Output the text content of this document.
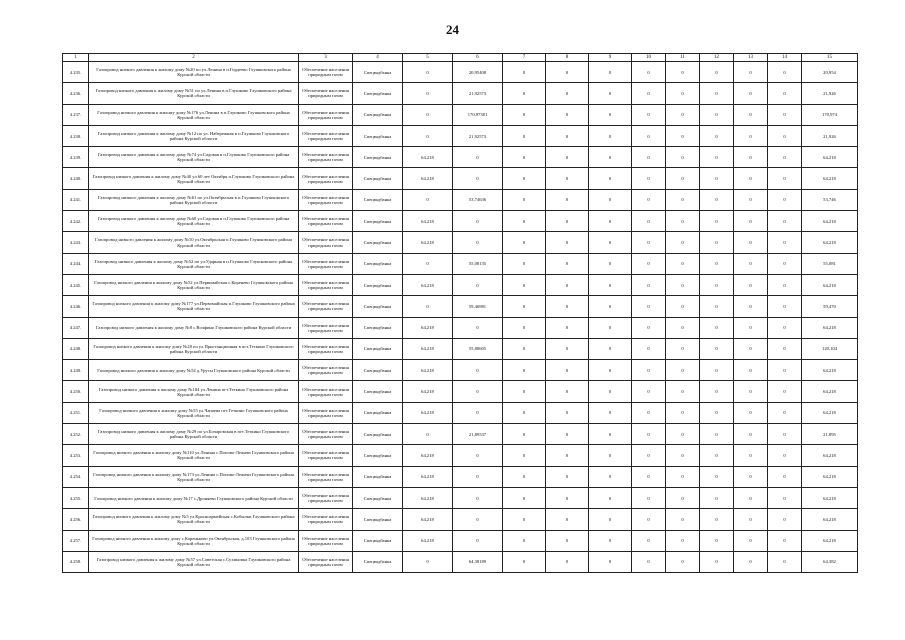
24
1	2	3	4	5	6	7	8	9	10	11	12	13	14	15
4.235.	Газопровод низкого давления к жилому дому №20 по ул.Ленина в п.Гордеево Глушковского района Курской области	Обеспечение населения природным газом	Спецвадбанка	0	20,95408	0	0	0	0	0	0	0	0	20,954
4.236.	Газопровод низкого давления к жилому дому №51 по ул.Ленина в п.Глушково Глушковского района Курской области	Обеспечение населения природным газом	Спецвадбанка	0	21,92573	0	0	0	0	0	0	0	0	21,926
4.237.	Газопровод низкого давления к жилому дому №176 ул.Ленина в п.Глушково Глушковского района Курской области	Обеспечение населения природным газом	Спецвадбанка	0	170,97381	0	0	0	0	0	0	0	0	170,974
4.238.	Газопровод низкого давления к жилому дому №12 по ул. Набережная в п.Глушково Глушковского района Курской области	Обеспечение населения природным газом	Спецвадбанка	0	21,92573	0	0	0	0	0	0	0	0	21,926
4.239.	Газопровод низкого давления к жилому дому №74 ул.Садовая в п.Глушково Глушковского района Курской области	Обеспечение населения природным газом	Спецвадбанка	64,218	0	0	0	0	0	0	0	0	0	64,218
4.240.	Газопровод низкого давления к жилому дому №40 ул.60 лет Октября п.Глушково Глушковского района Курской области	Обеспечение населения природным газом	Спецвадбанка	64,218	0	0	0	0	0	0	0	0	0	64,218
4.241.	Газопровод низкого давления к жилому дому №61 по ул.Октябрьская в п.Глушково Глушковского района Курской области	Обеспечение населения природным газом	Спецвадбанка	0	53,74636	0	0	0	0	0	0	0	0	53,746
4.242.	Газопровод низкого давления к жилому дому №60 ул.Садовая в п.Глушково Глушковского района Курской области	Обеспечение населения природным газом	Спецвадбанка	64,218	0	0	0	0	0	0	0	0	0	64,218
4.243.	Газопровод низкого давления к жилому дому №10 ул.Октябрьская п.Глушково Глушковского района Курской области	Обеспечение населения природным газом	Спецвадбанка	64,218	0	0	0	0	0	0	0	0	0	64,218
4.244.	Газопровод низкого давления к жилому дому №52 по ул.Ударная в п.Глушково Глушковского района Курской области	Обеспечение населения природным газом	Спецвадбанка	0	55,08135	0	0	0	0	0	0	0	0	55,081
4.245.	Газопровод низкого давления к жилому дому №52 ул.Первомайская с.Коренево Глушковского района Курской области	Обеспечение населения природным газом	Спецвадбанка	64,218	0	0	0	0	0	0	0	0	0	64,218
4.246.	Газопровод низкого давления к жилому дому №177 ул.Первомайская п.Глушково Глушковского района Курской области	Обеспечение населения природным газом	Спецвадбанка	0	59,46981	0	0	0	0	0	0	0	0	59,470
4.247.	Газопровод низкого давления к жилому дому №8 с.Волфино Глушковского района Курской области	Обеспечение населения природным газом	Спецвадбанка	64,218	0	0	0	0	0	0	0	0	0	64,218
4.248.	Газопровод низкого давления к жилому дому №28 по ул.Пристанционная в пгт.Теткино Глушковского района Курской области	Обеспечение населения природным газом	Спецвадбанка	64,218	55,88605	0	0	0	0	0	0	0	0	120,104
4.249.	Газопровод низкого давления к жилому дому №54 д.Урусы Глушковского района Курской области	Обеспечение населения природным газом	Спецвадбанка	64,218	0	0	0	0	0	0	0	0	0	64,218
4.250.	Газопровод низкого давления к жилому дому №104 ул.Ленина пгт.Теткино Глушковского района Курской области	Обеспечение населения природным газом	Спецвадбанка	64,218	0	0	0	0	0	0	0	0	0	64,218
4.251.	Газопровод низкого давления к жилому дому №55 ул.Чапаева пгт.Теткино Глушковского района Курской области	Обеспечение населения природным газом	Спецвадбанка	64,218	0	0	0	0	0	0	0	0	0	64,218
4.252.	Газопровод низкого давления к жилому дому №29 по ул.Бочаровская в пгт.Теткино Глушковского района Курской области	Обеспечение населения природным газом	Спецвадбанка	0	21,89537	0	0	0	0	0	0	0	0	21,895
4.253.	Газопровод низкого давления к жилому дому №110 ул.Ленина с.Попово-Лежачи Глушковского района Курской области	Обеспечение населения природным газом	Спецвадбанка	64,218	0	0	0	0	0	0	0	0	0	64,218
4.254.	Газопровод низкого давления к жилому дому №173 ул.Ленина с.Попово-Лежачи Глушковского района Курской области	Обеспечение населения природным газом	Спецвадбанка	64,218	0	0	0	0	0	0	0	0	0	64,218
4.255.	Газопровод низкого давления к жилому дому №17 с.Дроняево Глушковского района Курской области	Обеспечение населения природным газом	Спецвадбанка	64,218	0	0	0	0	0	0	0	0	0	64,218
4.256.	Газопровод низкого давления к жилому дому №5 ул.Красноармейская с.Кобылки Глушковского района Курской области	Обеспечение населения природным газом	Спецвадбанка	64,218	0	0	0	0	0	0	0	0	0	64,218
4.257.	Газопровод низкого давления к жилому дому с.Кореньково ул.Октябрьская, д.103 Глушковского района Курской области	Обеспечение населения природным газом	Спецвадбанка	64,218	0	0	0	0	0	0	0	0	0	64,218
4.258.	Газопровод низкого давления к жилому дому №57 ул.Советская с.Сухиновка Глушковского района Курской области	Обеспечение населения природным газом	Спецвадбанка	0	64,38189	0	0	0	0	0	0	0	0	64,382
